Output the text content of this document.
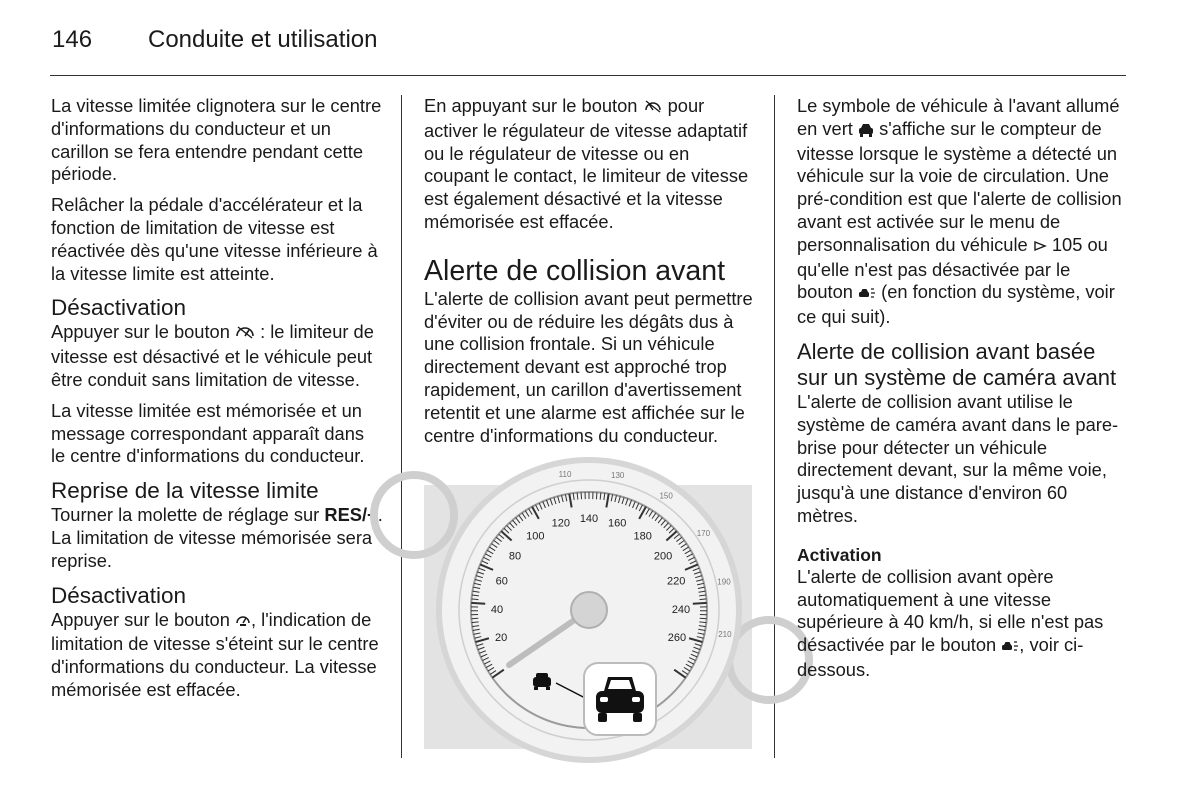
146 Conduite et utilisation

La vitesse limitée clignotera sur le centre d'informations du conducteur et un carillon se fera entendre pendant cette période.

Relâcher la pédale d'accélérateur et la fonction de limitation de vitesse est réactivée dès qu'une vitesse inférieure à la vitesse limite est atteinte.

Désactivation

Appuyer sur le bouton : le limiteur de vitesse est désactivé et le véhicule peut être conduit sans limitation de vitesse.

La vitesse limitée est mémorisée et un message correspondant apparaît dans le centre d'informations du conducteur.

Reprise de la vitesse limite

Tourner la molette de réglage sur RES/+. La limitation de vitesse mémorisée sera reprise.

Désactivation

Appuyer sur le bouton , l'indication de limitation de vitesse s'éteint sur le centre d'informations du conducteur. La vitesse mémorisée est effacée.

En appuyant sur le bouton pour activer le régulateur de vitesse adaptatif ou le régulateur de vitesse ou en coupant le contact, le limiteur de vitesse est également désactivé et la vitesse mémorisée est effacée.

Alerte de collision avant

L'alerte de collision avant peut permettre d'éviter ou de réduire les dégâts dus à une collision frontale. Si un véhicule directement devant est approché trop rapidement, un carillon d'avertissement retentit et une alarme est affichée sur le centre d'informations du conducteur.

20
40
60
80
100
120 140 160
180
200
220
240
260
110	130
150
170
190
210

Le symbole de véhicule à l'avant allumé en vert s'affiche sur le compteur de vitesse lorsque le système a détecté un véhicule sur la voie de circulation. Une pré-condition est que l'alerte de collision avant est activée sur le menu de personnalisation du véhicule 105 ou qu'elle n'est pas désactivée par le bouton (en fonction du système, voir ce qui suit).

Alerte de collision avant basée sur un système de caméra avant

L'alerte de collision avant utilise le système de caméra avant dans le pare-brise pour détecter un véhicule directement devant, sur la même voie, jusqu'à une distance d'environ 60 mètres.

Activation

L'alerte de collision avant opère automatiquement à une vitesse supérieure à 40 km/h, si elle n'est pas désactivée par le bouton , voir ci-dessous.
